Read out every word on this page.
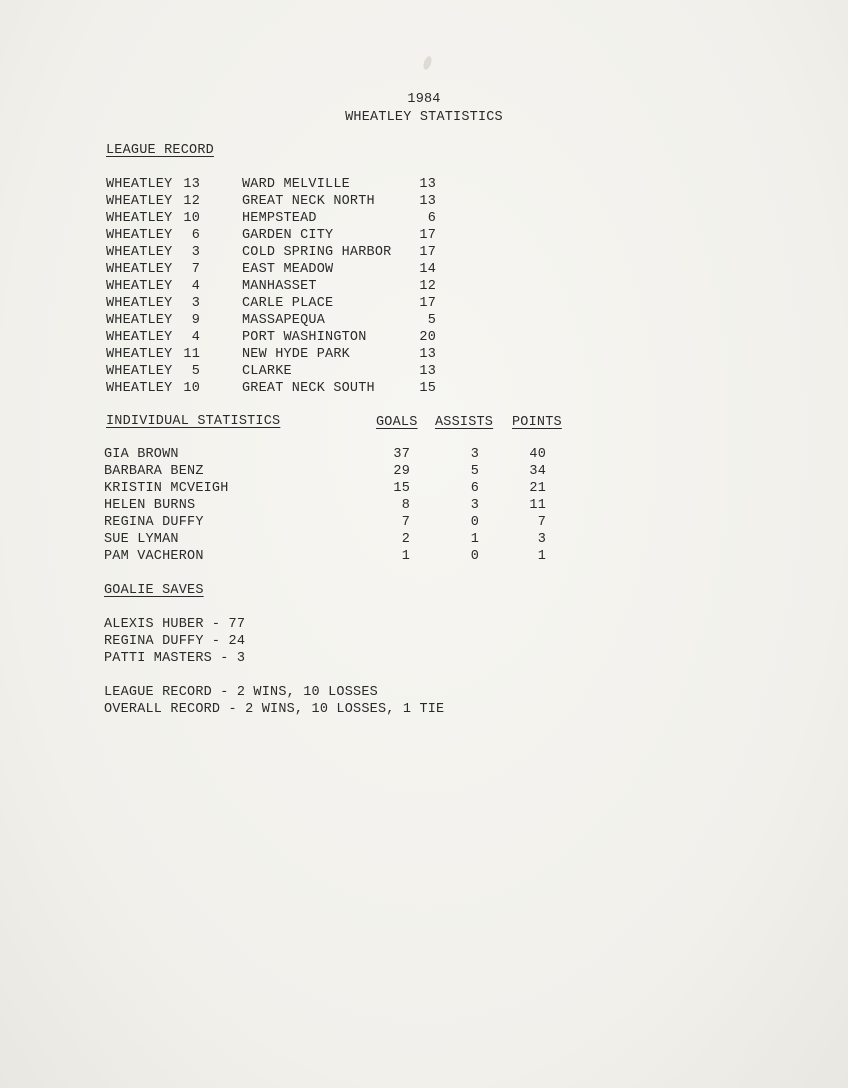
1984
WHEATLEY STATISTICS
LEAGUE RECORD
WHEATLEY 13	WARD MELVILLE	13
WHEATLEY 12	GREAT NECK NORTH	13
WHEATLEY 10	HEMPSTEAD	6
WHEATLEY	6	GARDEN CITY	17
WHEATLEY	3	COLD SPRING HARBOR	17
WHEATLEY	7	EAST MEADOW	14
WHEATLEY	4	MANHASSET	12
WHEATLEY	3	CARLE PLACE	17
WHEATLEY	9	MASSAPEQUA	5
WHEATLEY	4	PORT WASHINGTON	20
WHEATLEY 11	NEW HYDE PARK	13
WHEATLEY	5	CLARKE	13
WHEATLEY 10	GREAT NECK SOUTH	15
INDIVIDUAL STATISTICS	GOALS ASSISTS POINTS
GIA BROWN	37	3	40
BARBARA BENZ	29	5	34
KRISTIN MCVEIGH	15	6	21
HELEN BURNS	8	3	11
REGINA DUFFY	7	0	7
SUE LYMAN	2	1	3
PAM VACHERON	1	0	1
GOALIE SAVES
ALEXIS HUBER - 77
REGINA DUFFY - 24
PATTI MASTERS - 3
LEAGUE RECORD - 2 WINS, 10 LOSSES
OVERALL RECORD - 2 WINS, 10 LOSSES, 1 TIE
